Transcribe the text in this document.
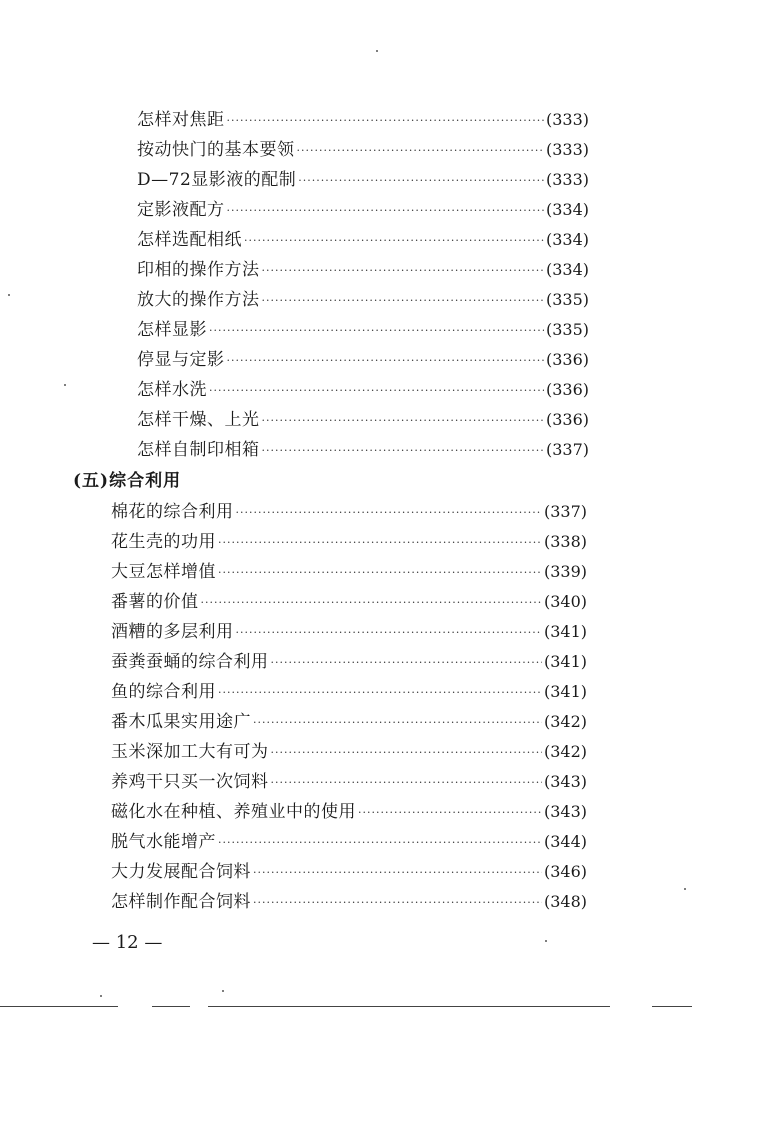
怎样对焦距 ·····	(333)
按动快门的基本要领 ·····	(333)
D—72显影液的配制 ·····	(333)
定影液配方 ·····	(334)
怎样选配相纸 ·····	(334)
印相的操作方法 ·····	(334)
放大的操作方法 ·····	(335)
怎样显影 ·····	(335)
停显与定影 ·····	(336)
怎样水洗 ·····	(336)
怎样干燥、上光 ·····	(336)
怎样自制印相箱 ·····	(337)
(五)综合利用
棉花的综合利用 ·····	(337)
花生壳的功用 ·····	(338)
大豆怎样增值 ·····	(339)
番薯的价值 ·····	(340)
酒糟的多层利用 ·····	(341)
蚕粪蚕蛹的综合利用 ·····	(341)
鱼的综合利用 ·····	(341)
番木瓜果实用途广 ·····	(342)
玉米深加工大有可为 ·····	(342)
养鸡干只买一次饲料 ·····	(343)
磁化水在种植、养殖业中的使用 ·····	(343)
脱气水能增产 ·····	(344)
大力发展配合饲料 ·····	(346)
怎样制作配合饲料 ·····	(348)
— 12 —
